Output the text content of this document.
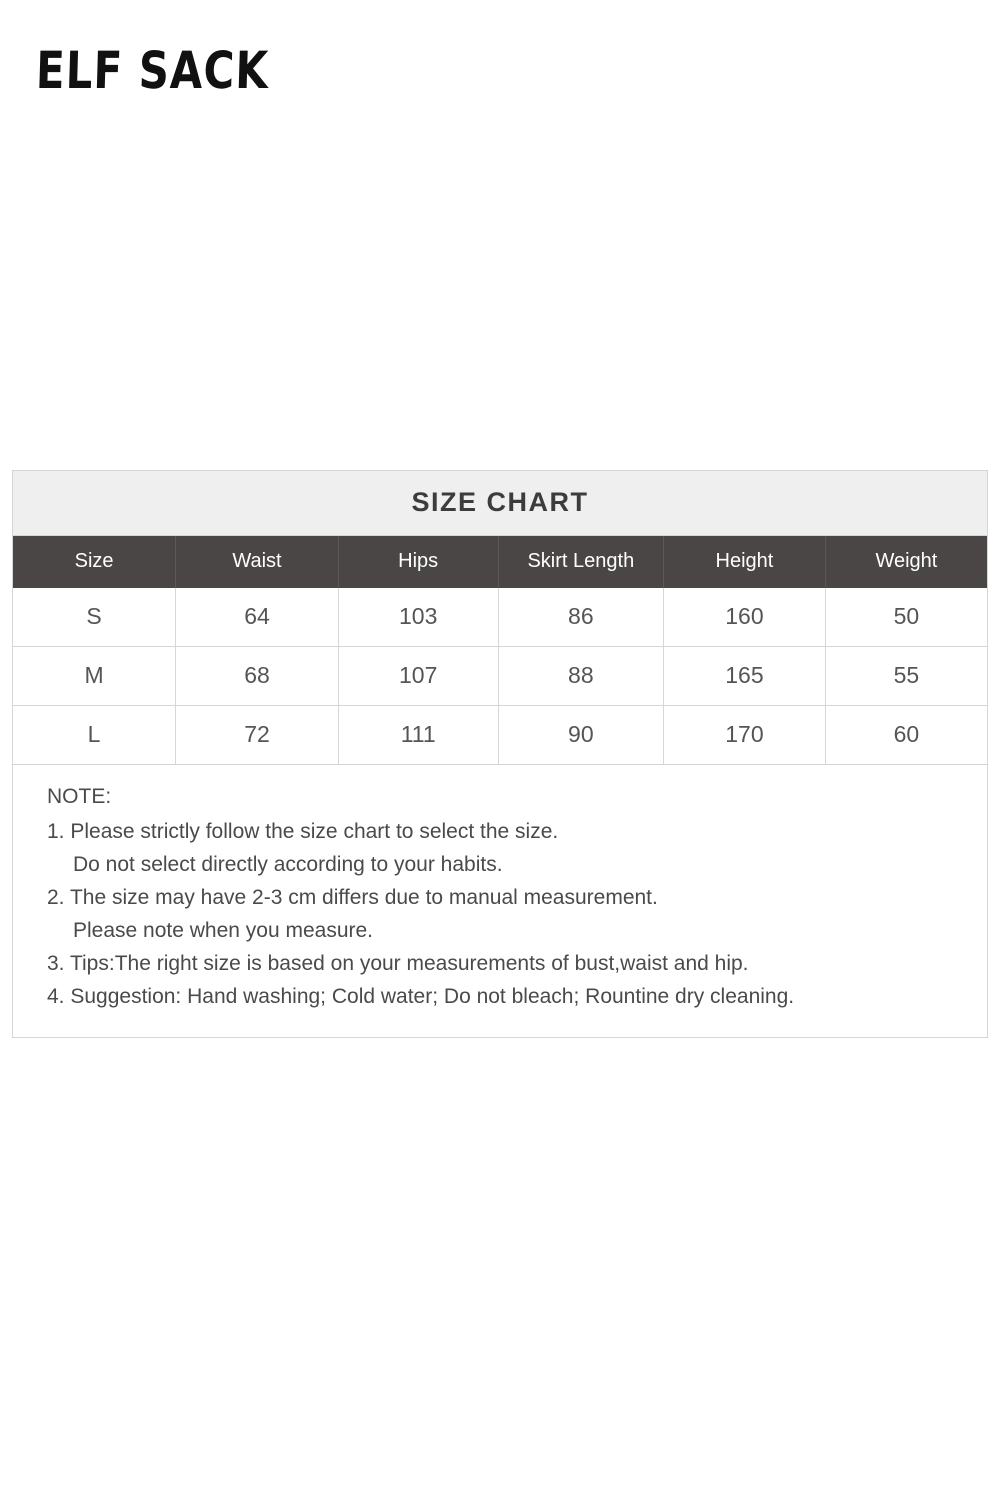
ELF SACK
SIZE CHART
Size	Waist	Hips	Skirt Length	Height	Weight
S	64	103	86	160	50
M	68	107	88	165	55
L	72	111	90	170	60
NOTE:
1. Please strictly follow the size chart to select the size.
Do not select directly according to your habits.
2. The size may have 2-3 cm differs due to manual measurement.
Please note when you measure.
3. Tips:The right size is based on your measurements of bust,waist and hip.
4. Suggestion: Hand washing; Cold water; Do not bleach; Rountine dry cleaning.
